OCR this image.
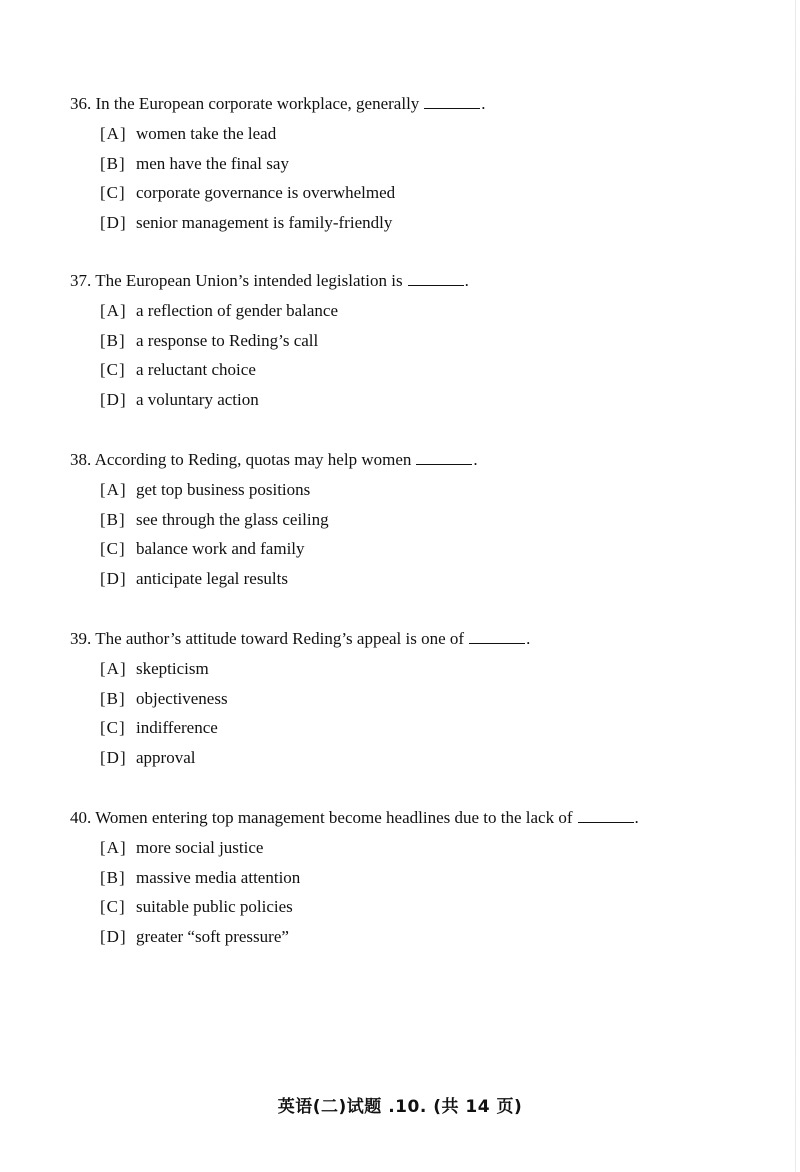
36. In the European corporate workplace, generally	.
[A] women take the lead
[B] men have the final say
[C] corporate governance is overwhelmed
[D] senior management is family-friendly
37. The European Union’s intended legislation is	.
[A] a reflection of gender balance
[B] a response to Reding’s call
[C] a reluctant choice
[D] a voluntary action
38. According to Reding, quotas may help women	.
[A] get top business positions
[B] see through the glass ceiling
[C] balance work and family
[D] anticipate legal results
39. The author’s attitude toward Reding’s appeal is one of	.
[A] skepticism
[B] objectiveness
[C] indifference
[D] approval
40. Women entering top management become headlines due to the lack of	.
[A] more social justice
[B] massive media attention
[C] suitable public policies
[D] greater “soft pressure”
英语(二)试题 .10. (共 14 页)
